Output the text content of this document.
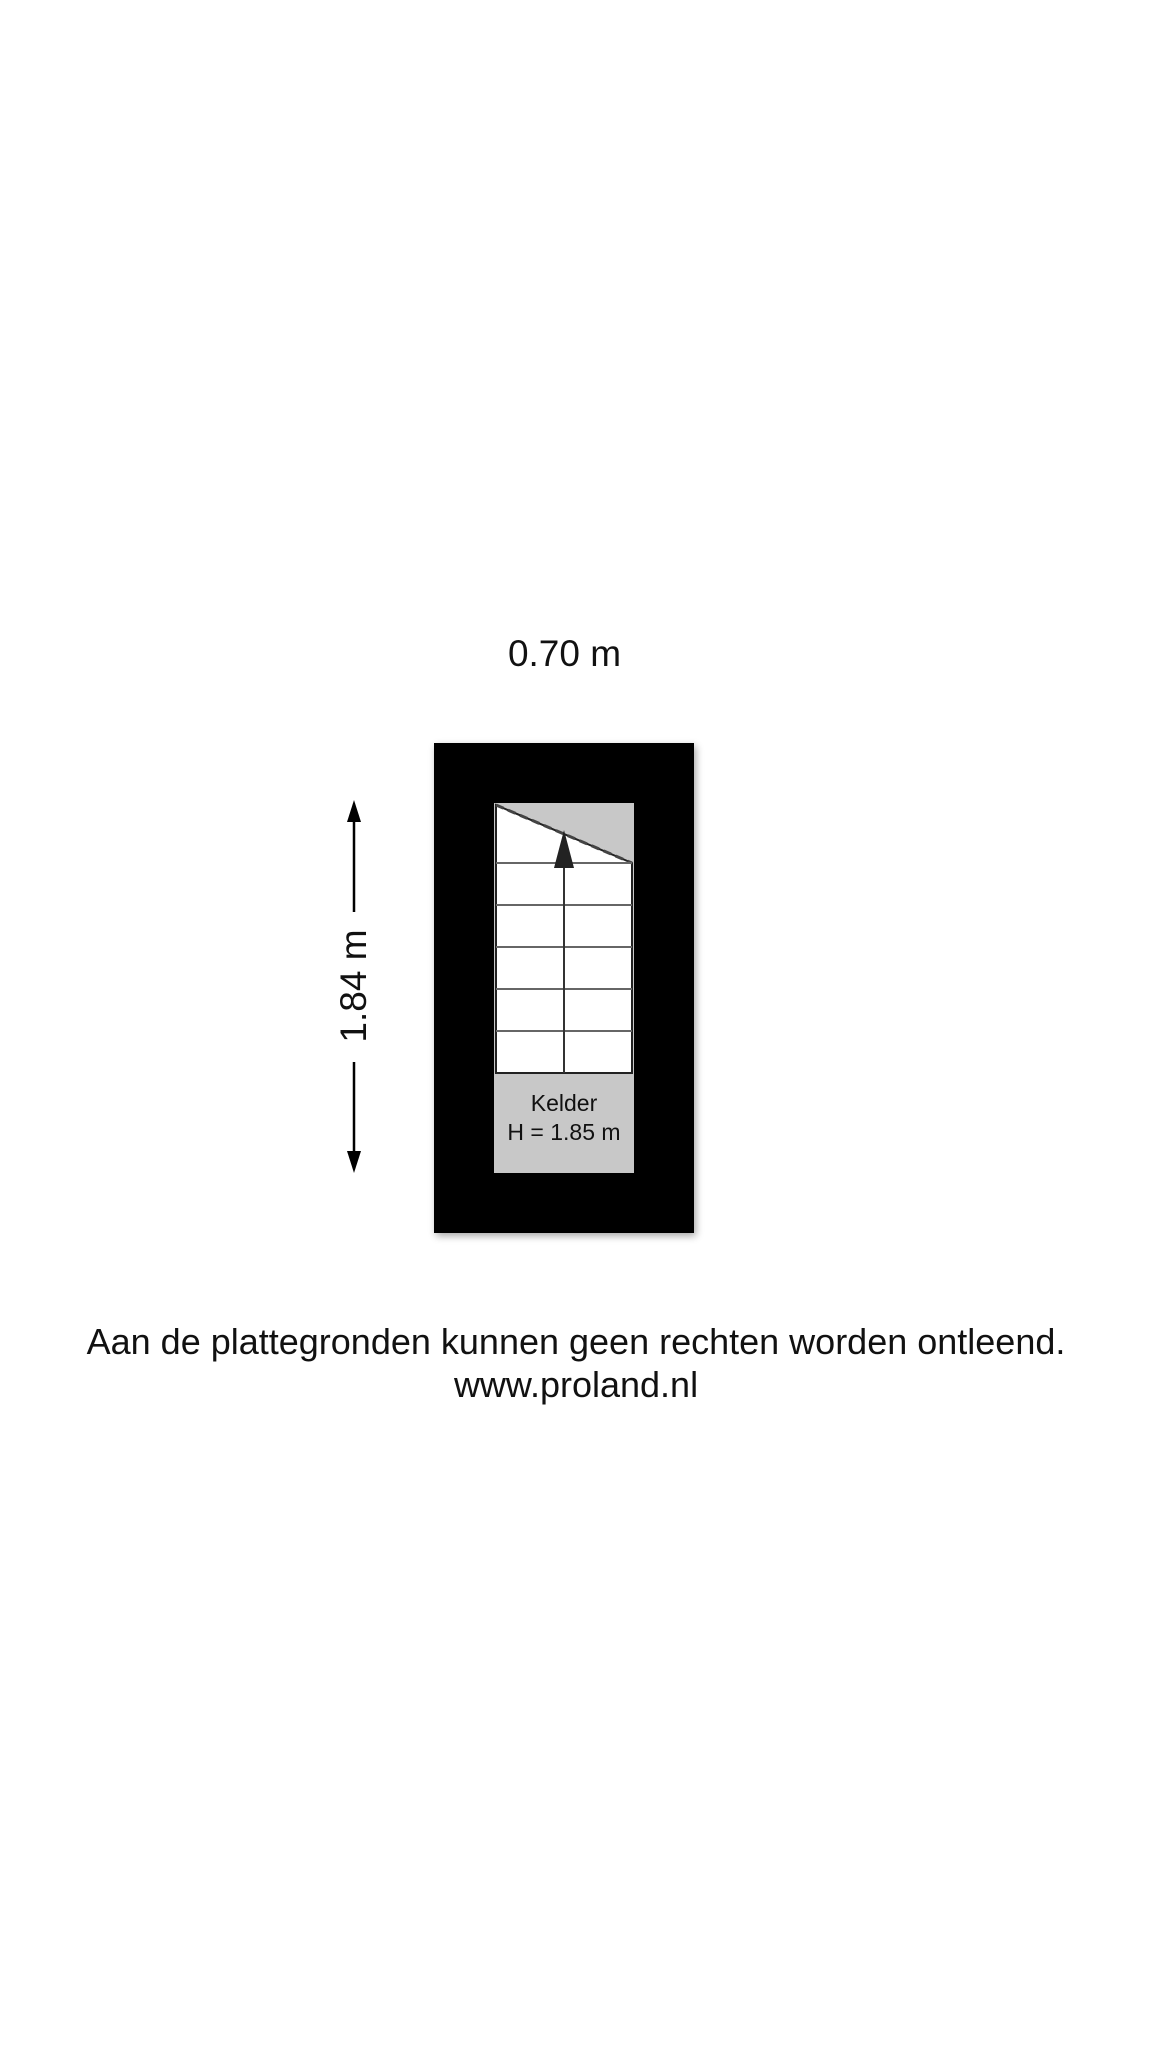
0.70 m
1.84 m
Kelder
H = 1.85 m
Aan de plattegronden kunnen geen rechten worden ontleend.
www.proland.nl
